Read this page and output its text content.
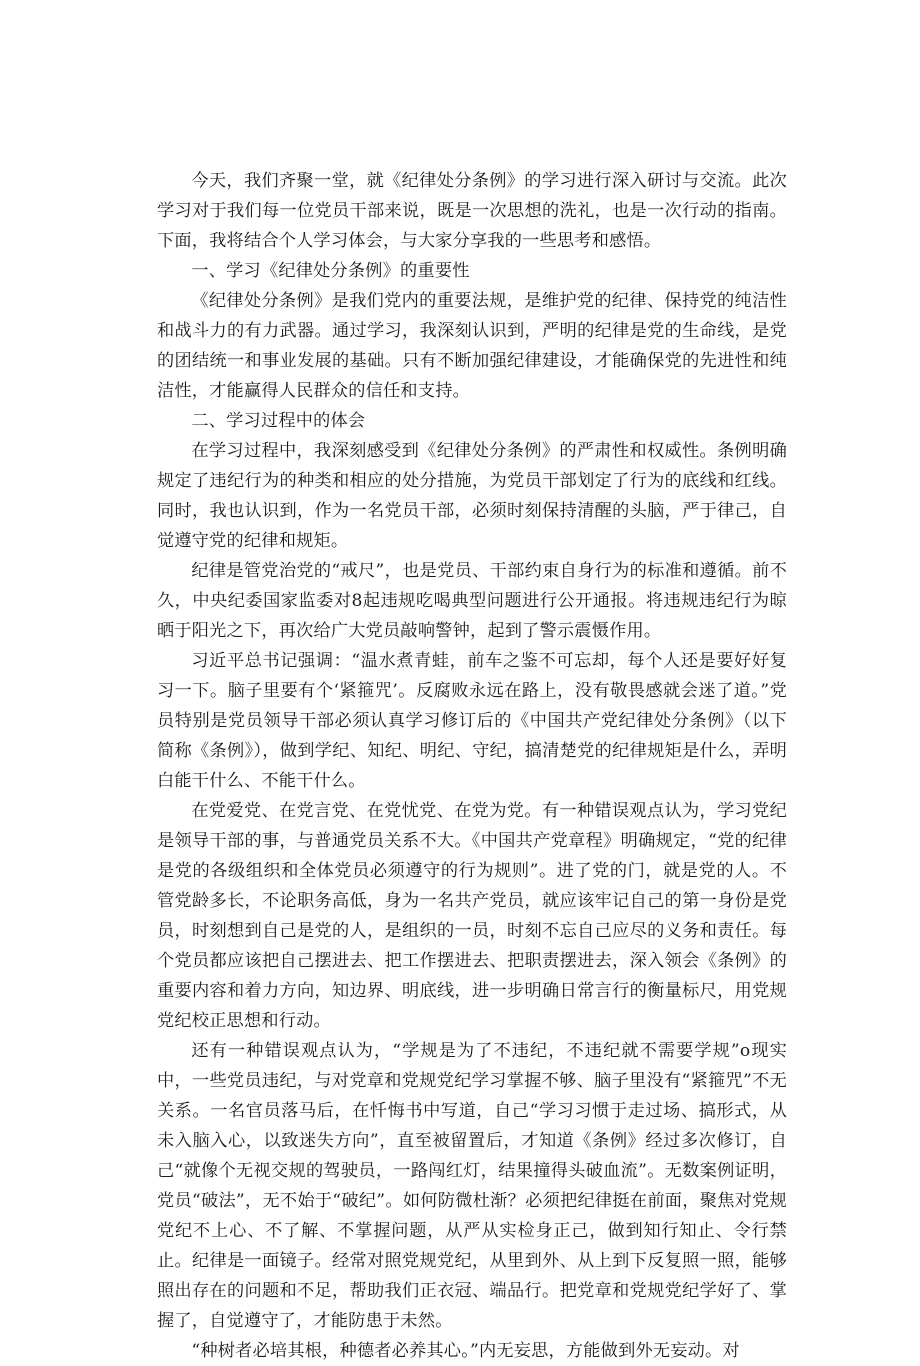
今天，我们齐聚一堂，就《纪律处分条例》的学习进行深入研讨与交流。此次学习对于我们每一位党员干部来说，既是一次思想的洗礼，也是一次行动的指南。下面，我将结合个人学习体会，与大家分享我的一些思考和感悟。

一、学习《纪律处分条例》的重要性

《纪律处分条例》是我们党内的重要法规，是维护党的纪律、保持党的纯洁性和战斗力的有力武器。通过学习，我深刻认识到，严明的纪律是党的生命线，是党的团结统一和事业发展的基础。只有不断加强纪律建设，才能确保党的先进性和纯洁性，才能赢得人民群众的信任和支持。

二、学习过程中的体会

在学习过程中，我深刻感受到《纪律处分条例》的严肃性和权威性。条例明确规定了违纪行为的种类和相应的处分措施，为党员干部划定了行为的底线和红线。同时，我也认识到，作为一名党员干部，必须时刻保持清醒的头脑，严于律己，自觉遵守党的纪律和规矩。

纪律是管党治党的“戒尺”，也是党员、干部约束自身行为的标准和遵循。前不久，中央纪委国家监委对8起违规吃喝典型问题进行公开通报。将违规违纪行为晾晒于阳光之下，再次给广大党员敲响警钟，起到了警示震慑作用。

习近平总书记强调：“温水煮青蛙，前车之鉴不可忘却，每个人还是要好好复习一下。脑子里要有个‘紧箍咒’。反腐败永远在路上，没有敬畏感就会迷了道。”党员特别是党员领导干部必须认真学习修订后的《中国共产党纪律处分条例》（以下简称《条例》），做到学纪、知纪、明纪、守纪，搞清楚党的纪律规矩是什么，弄明白能干什么、不能干什么。

在党爱党、在党言党、在党忧党、在党为党。有一种错误观点认为，学习党纪是领导干部的事，与普通党员关系不大。《中国共产党章程》明确规定，“党的纪律是党的各级组织和全体党员必须遵守的行为规则”。进了党的门，就是党的人。不管党龄多长，不论职务高低，身为一名共产党员，就应该牢记自己的第一身份是党员，时刻想到自己是党的人，是组织的一员，时刻不忘自己应尽的义务和责任。每个党员都应该把自己摆进去、把工作摆进去、把职责摆进去，深入领会《条例》的重要内容和着力方向，知边界、明底线，进一步明确日常言行的衡量标尺，用党规党纪校正思想和行动。

还有一种错误观点认为，“学规是为了不违纪，不违纪就不需要学规”o现实中，一些党员违纪，与对党章和党规党纪学习掌握不够、脑子里没有“紧箍咒”不无关系。一名官员落马后，在忏悔书中写道，自己“学习习惯于走过场、搞形式，从未入脑入心，以致迷失方向”，直至被留置后，才知道《条例》经过多次修订，自己“就像个无视交规的驾驶员，一路闯红灯，结果撞得头破血流”。无数案例证明，党员“破法”，无不始于“破纪”。如何防微杜渐？必须把纪律挺在前面，聚焦对党规党纪不上心、不了解、不掌握问题，从严从实检身正己，做到知行知止、令行禁止。纪律是一面镜子。经常对照党规党纪，从里到外、从上到下反复照一照，能够照出存在的问题和不足，帮助我们正衣冠、端品行。把党章和党规党纪学好了、掌握了，自觉遵守了，才能防患于未然。

“种树者必培其根，种德者必养其心。”内无妄思，方能做到外无妄动。对
